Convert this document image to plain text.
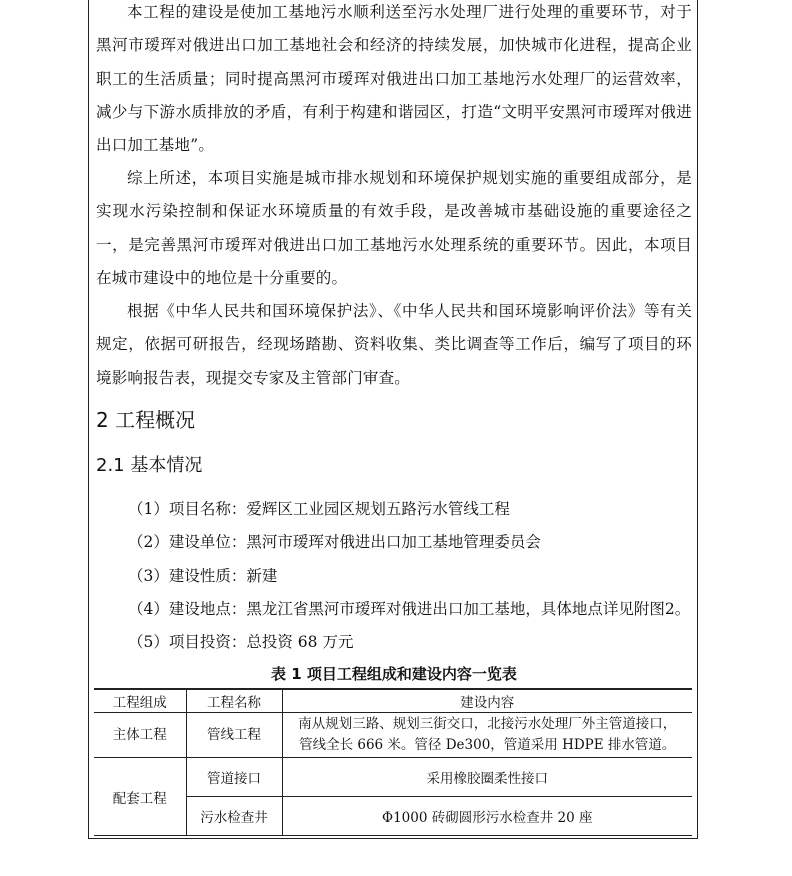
本工程的建设是使加工基地污水顺利送至污水处理厂进行处理的重要环节，对于黑河市瑷珲对俄进出口加工基地社会和经济的持续发展，加快城市化进程，提高企业职工的生活质量；同时提高黑河市瑷珲对俄进出口加工基地污水处理厂的运营效率，减少与下游水质排放的矛盾，有利于构建和谐园区，打造“文明平安黑河市瑷珲对俄进出口加工基地”。

综上所述，本项目实施是城市排水规划和环境保护规划实施的重要组成部分，是实现水污染控制和保证水环境质量的有效手段，是改善城市基础设施的重要途径之一，是完善黑河市瑷珲对俄进出口加工基地污水处理系统的重要环节。因此，本项目在城市建设中的地位是十分重要的。

根据《中华人民共和国环境保护法》、《中华人民共和国环境影响评价法》等有关规定，依据可研报告，经现场踏勘、资料收集、类比调查等工作后，编写了项目的环境影响报告表，现提交专家及主管部门审查。

2 工程概况
2.1 基本情况

（1）项目名称：爱辉区工业园区规划五路污水管线工程

（2）建设单位：黑河市瑷珲对俄进出口加工基地管理委员会

（3）建设性质：新建

（4）建设地点：黑龙江省黑河市瑷珲对俄进出口加工基地，具体地点详见附图2。

（5）项目投资：总投资 68 万元

表 1 项目工程组成和建设内容一览表

工程组成	工程名称	建设内容
主体工程	管线工程	南从规划三路、规划三街交口，北接污水处理厂外主管道接口，
管线全长 666 米。管径 De300，管道采用 HDPE 排水管道。

配套工程	管道接口	采用橡胶圈柔性接口
	污水检查井	Φ1000 砖砌圆形污水检查井 20 座
